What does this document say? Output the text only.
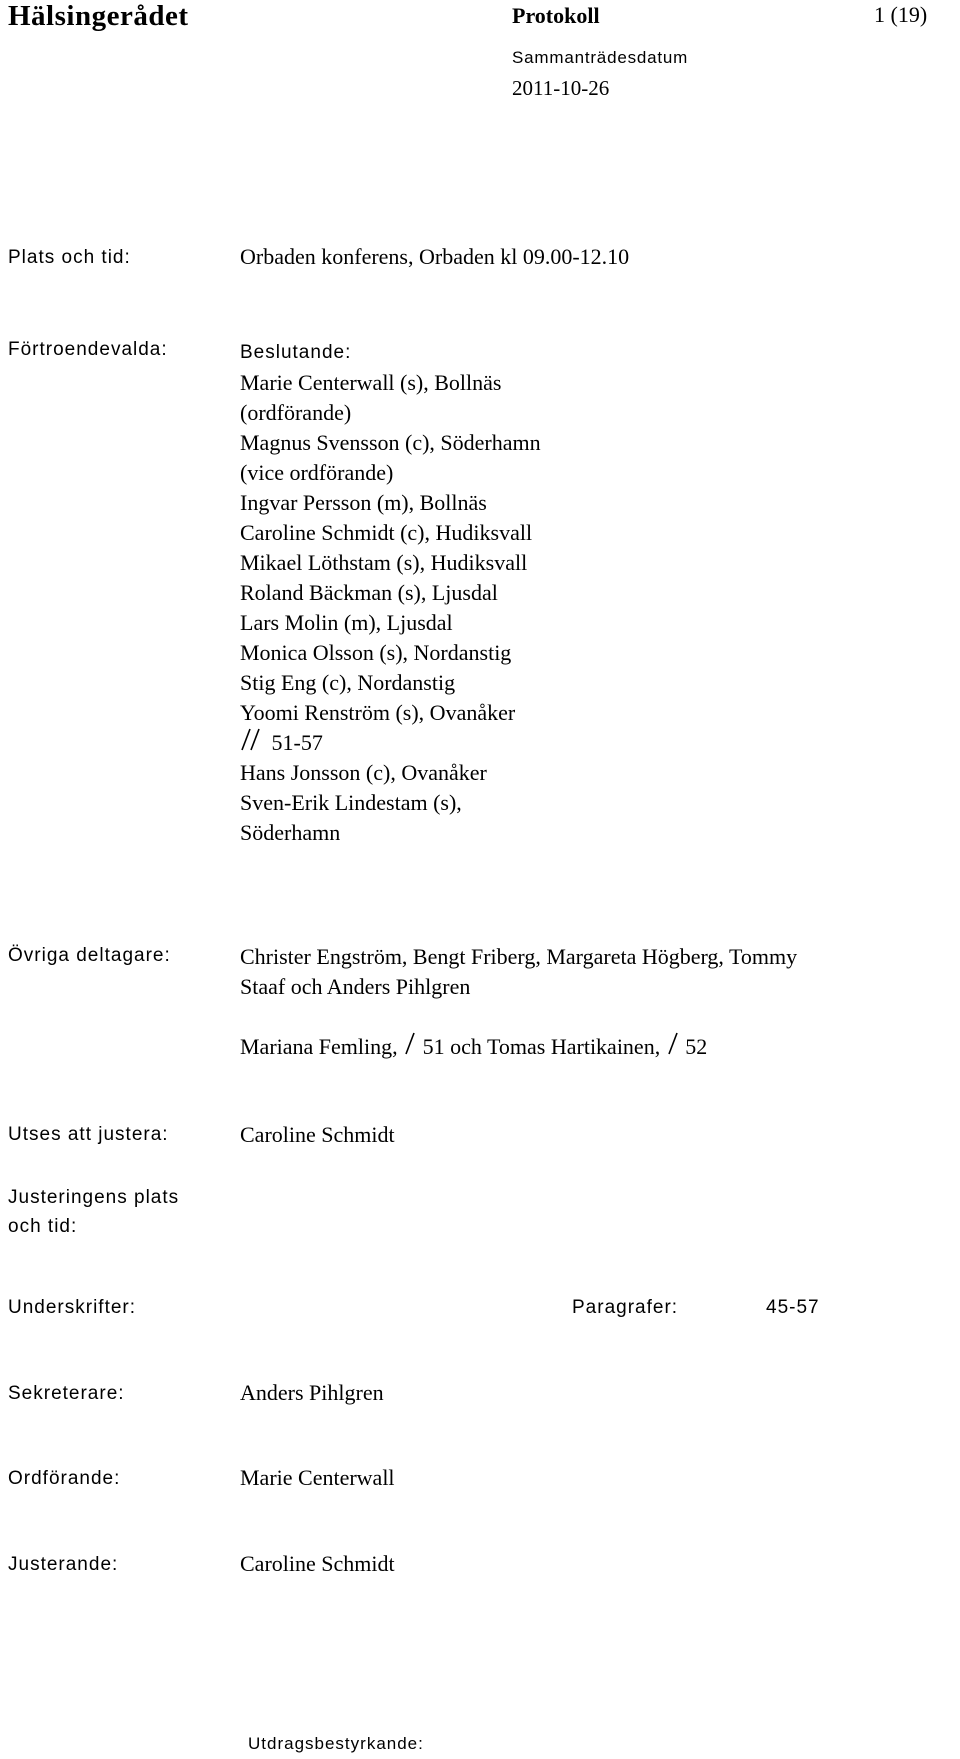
Hälsingerådet	Protokoll	1 (19)
Sammanträdesdatum
2011-10-26
Plats och tid:	Orbaden konferens, Orbaden kl 09.00-12.10
Förtroendevalda:	Beslutande:
Marie Centerwall (s), Bollnäs
(ordförande)
Magnus Svensson (c), Söderhamn
(vice ordförande)
Ingvar Persson (m), Bollnäs
Caroline Schmidt (c), Hudiksvall
Mikael Löthstam (s), Hudiksvall
Roland Bäckman (s), Ljusdal
Lars Molin (m), Ljusdal
Monica Olsson (s), Nordanstig
Stig Eng (c), Nordanstig
Yoomi Renström (s), Ovanåker
51-57
Hans Jonsson (c), Ovanåker
Sven-Erik Lindestam (s),
Söderhamn
Övriga deltagare:	Christer Engström, Bengt Friberg, Margareta Högberg, Tommy
Staaf och Anders Pihlgren
Mariana Femling, 51 och Tomas Hartikainen, 52
Utses att justera:	Caroline Schmidt
Justeringens plats
och tid:
Underskrifter:	Paragrafer:	45-57
Sekreterare:	Anders Pihlgren
Ordförande:	Marie Centerwall
Justerande:	Caroline Schmidt
Utdragsbestyrkande:
